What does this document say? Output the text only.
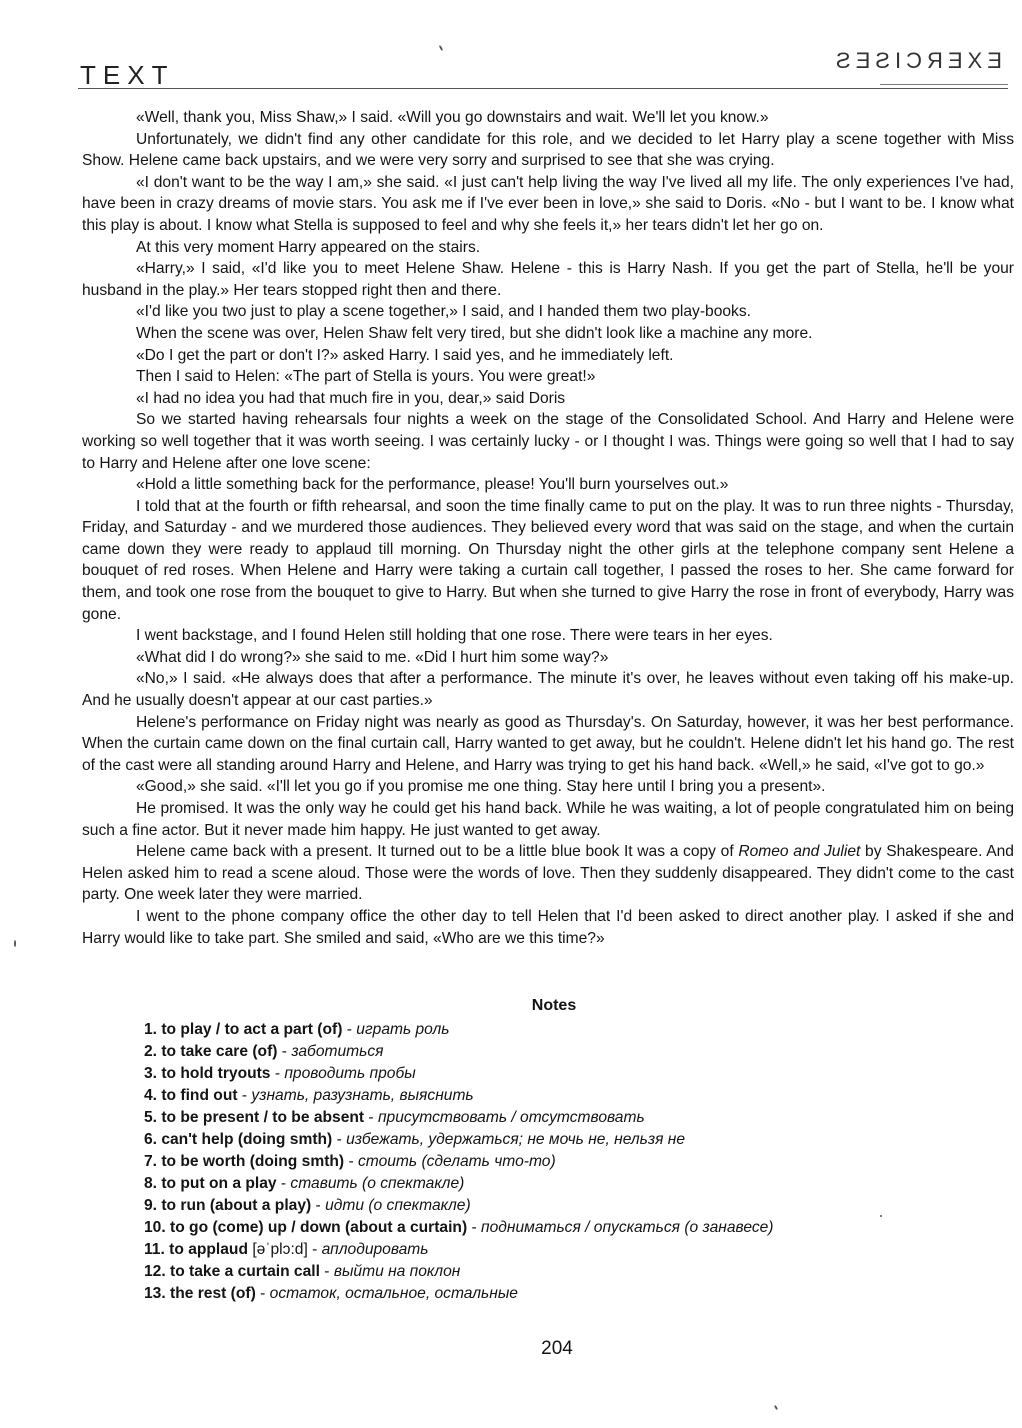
TEXT	EXERCISES

«Well, thank you, Miss Shaw,» I said. «Will you go downstairs and wait. We'll let you know.»

Unfortunately, we didn't find any other candidate for this role, and we decided to let Harry play a scene together with Miss Show. Helene came back upstairs, and we were very sorry and surprised to see that she was crying.

«I don't want to be the way I am,» she said. «I just can't help living the way I've lived all my life. The only experiences I've had, have been in crazy dreams of movie stars. You ask me if I've ever been in love,» she said to Doris. «No - but I want to be. I know what this play is about. I know what Stella is supposed to feel and why she feels it,» her tears didn't let her go on.

At this very moment Harry appeared on the stairs.

«Harry,» I said, «I'd like you to meet Helene Shaw. Helene - this is Harry Nash. If you get the part of Stella, he'll be your husband in the play.» Her tears stopped right then and there.

«I'd like you two just to play a scene together,» I said, and I handed them two play-books.

When the scene was over, Helen Shaw felt very tired, but she didn't look like a machine any more.

«Do I get the part or don't I?» asked Harry. I said yes, and he immediately left.

Then I said to Helen: «The part of Stella is yours. You were great!»

«I had no idea you had that much fire in you, dear,» said Doris

So we started having rehearsals four nights a week on the stage of the Consolidated School. And Harry and Helene were working so well together that it was worth seeing. I was certainly lucky - or I thought I was. Things were going so well that I had to say to Harry and Helene after one love scene:

«Hold a little something back for the performance, please! You'll burn yourselves out.»

I told that at the fourth or fifth rehearsal, and soon the time finally came to put on the play. It was to run three nights - Thursday, Friday, and Saturday - and we murdered those audiences. They believed every word that was said on the stage, and when the curtain came down they were ready to applaud till morning. On Thursday night the other girls at the telephone company sent Helene a bouquet of red roses. When Helene and Harry were taking a curtain call together, I passed the roses to her. She came forward for them, and took one rose from the bouquet to give to Harry. But when she turned to give Harry the rose in front of everybody, Harry was gone.

I went backstage, and I found Helen still holding that one rose. There were tears in her eyes.

«What did I do wrong?» she said to me. «Did I hurt him some way?»

«No,» I said. «He always does that after a performance. The minute it's over, he leaves without even taking off his make-up. And he usually doesn't appear at our cast parties.»

Helene's performance on Friday night was nearly as good as Thursday's. On Saturday, however, it was her best performance. When the curtain came down on the final curtain call, Harry wanted to get away, but he couldn't. Helene didn't let his hand go. The rest of the cast were all standing around Harry and Helene, and Harry was trying to get his hand back. «Well,» he said, «I've got to go.»

«Good,» she said. «I'll let you go if you promise me one thing. Stay here until I bring you a present».

He promised. It was the only way he could get his hand back. While he was waiting, a lot of people congratulated him on being such a fine actor. But it never made him happy. He just wanted to get away.

Helene came back with a present. It turned out to be a little blue book It was a copy of Romeo and Juliet by Shakespeare. And Helen asked him to read a scene aloud. Those were the words of love. Then they suddenly disappeared. They didn't come to the cast party. One week later they were married.

I went to the phone company office the other day to tell Helen that I'd been asked to direct another play. I asked if she and Harry would like to take part. She smiled and said, «Who are we this time?»

Notes
1. to play / to act a part (of) - играть роль
2. to take care (of) - заботиться
3. to hold tryouts - проводить пробы
4. to find out - узнать, разузнать, выяснить
5. to be present / to be absent - присутствовать / отсутствовать
6. can't help (doing smth) - избежать, удержаться; не мочь не, нельзя не
7. to be worth (doing smth) - стоить (сделать что-то)
8. to put on a play - ставить (о спектакле)
9. to run (about a play) - идти (о спектакле)
10. to go (come) up / down (about a curtain) - подниматься / опускаться (о занавесе)
11. to applaud [əˈplɔ:d] - аплодировать
12. to take a curtain call - выйти на поклон
13. the rest (of) - остаток, остальное, остальные
204
